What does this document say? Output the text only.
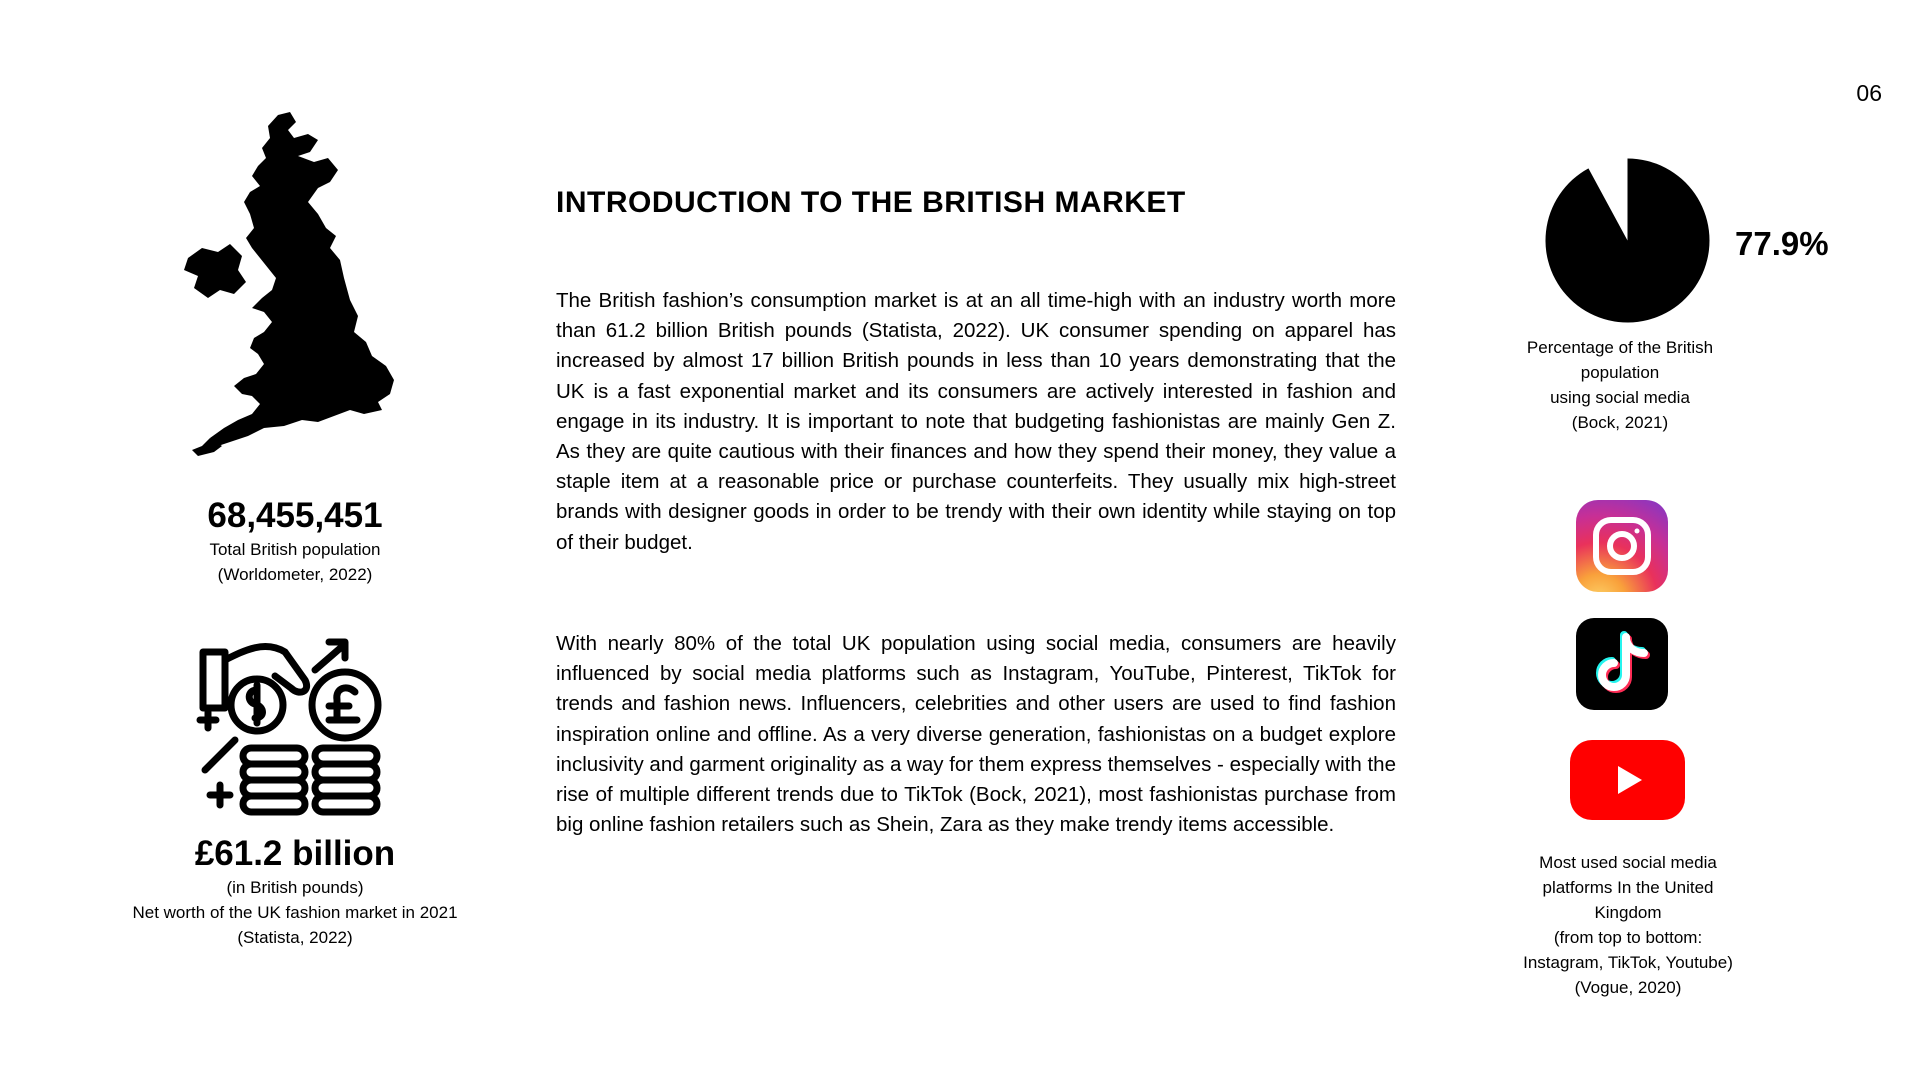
06
68,455,451
Total British population
(Worldometer, 2022)
£61.2 billion
(in British pounds)
Net worth of the UK fashion market in 2021
(Statista, 2022)
INTRODUCTION TO THE BRITISH MARKET
The British fashion’s consumption market is at an all time-high with an industry worth more than 61.2 billion British pounds (Statista, 2022). UK consumer spending on apparel has increased by almost 17 billion British pounds in less than 10 years demonstrating that the UK is a fast exponential market and its consumers are actively interested in fashion and engage in its industry. It is important to note that budgeting fashionistas are mainly Gen Z. As they are quite cautious with their finances and how they spend their money, they value a staple item at a reasonable price or purchase counterfeits. They usually mix high-street brands with designer goods in order to be trendy with their own identity while staying on top of their budget.
With nearly 80% of the total UK population using social media, consumers are heavily influenced by social media platforms such as Instagram, YouTube, Pinterest, TikTok for trends and fashion news. Influencers, celebrities and other users are used to find fashion inspiration online and offline. As a very diverse generation, fashionistas on a budget explore inclusivity and garment originality as a way for them express themselves - especially with the rise of multiple different trends due to TikTok (Bock, 2021), most fashionistas purchase from big online fashion retailers such as Shein, Zara as they make trendy items accessible.
77.9%
Percentage of the British
population
using social media
(Bock, 2021)
Most used social media
platforms In the United
Kingdom
(from top to bottom:
Instagram, TikTok, Youtube)
(Vogue, 2020)
